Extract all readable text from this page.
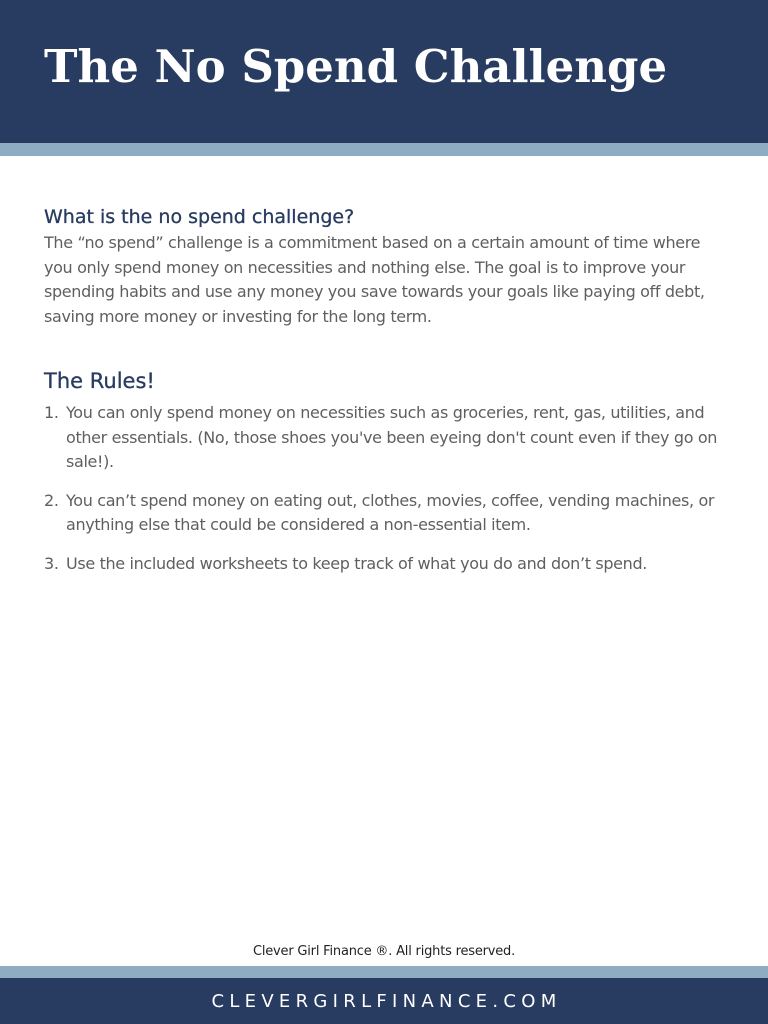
The No Spend Challenge
What is the no spend challenge?

The “no spend” challenge is a commitment based on a certain amount of time where you only spend money on necessities and nothing else. The goal is to improve your spending habits and use any money you save towards your goals like paying off debt, saving more money or investing for the long term.

The Rules!
1. You can only spend money on necessities such as groceries, rent, gas, utilities, and other essentials. (No, those shoes you've been eyeing don't count even if they go on sale!).
2. You can’t spend money on eating out, clothes, movies, coffee, vending machines, or anything else that could be considered a non-essential item.
3. Use the included worksheets to keep track of what you do and don’t spend.
Clever Girl Finance ®. All rights reserved.
CLEVERGIRLFINANCE.COM
